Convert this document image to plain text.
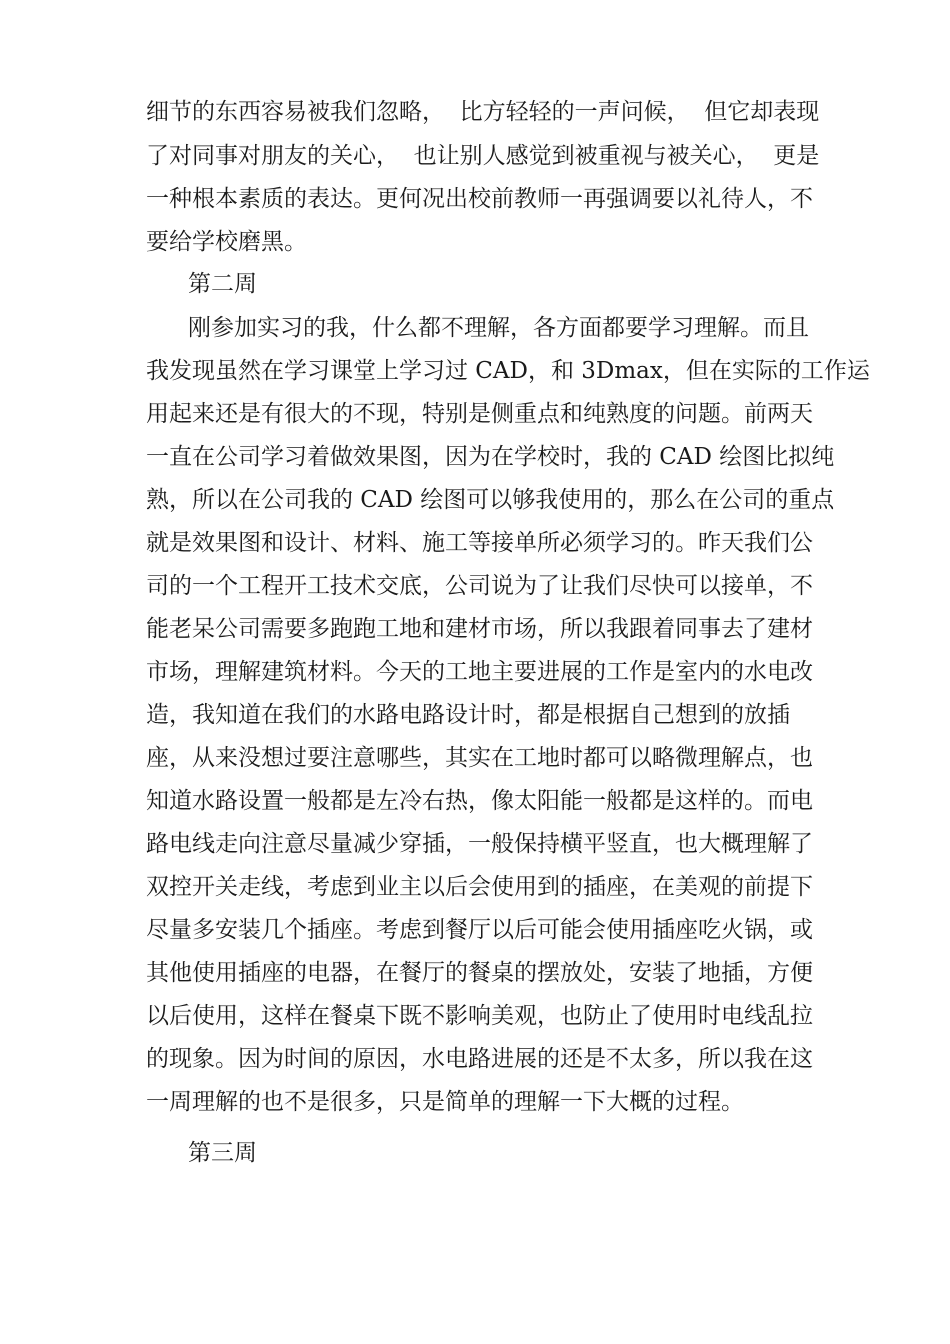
细节的东西容易被我们忽略，  比方轻轻的一声问候，  但它却表现
了对同事对朋友的关心，  也让别人感觉到被重视与被关心，  更是
一种根本素质的表达。更何况出校前教师一再强调要以礼待人，不
要给学校磨黑。
第二周
刚参加实习的我，什么都不理解，各方面都要学习理解。而且
我发现虽然在学习课堂上学习过 CAD，和 3Dmax，但在实际的工作运
用起来还是有很大的不现，特别是侧重点和纯熟度的问题。前两天
一直在公司学习着做效果图，因为在学校时，我的 CAD 绘图比拟纯
熟，所以在公司我的 CAD 绘图可以够我使用的，那么在公司的重点
就是效果图和设计、材料、施工等接单所必须学习的。昨天我们公
司的一个工程开工技术交底，公司说为了让我们尽快可以接单，不
能老呆公司需要多跑跑工地和建材市场，所以我跟着同事去了建材
市场，理解建筑材料。今天的工地主要进展的工作是室内的水电改
造，我知道在我们的水路电路设计时，都是根据自己想到的放插
座，从来没想过要注意哪些，其实在工地时都可以略微理解点，也
知道水路设置一般都是左冷右热，像太阳能一般都是这样的。而电
路电线走向注意尽量减少穿插，一般保持横平竖直，也大概理解了
双控开关走线，考虑到业主以后会使用到的插座，在美观的前提下
尽量多安装几个插座。考虑到餐厅以后可能会使用插座吃火锅，或
其他使用插座的电器，在餐厅的餐桌的摆放处，安装了地插，方便
以后使用，这样在餐桌下既不影响美观，也防止了使用时电线乱拉
的现象。因为时间的原因，水电路进展的还是不太多，所以我在这
一周理解的也不是很多，只是简单的理解一下大概的过程。
第三周
